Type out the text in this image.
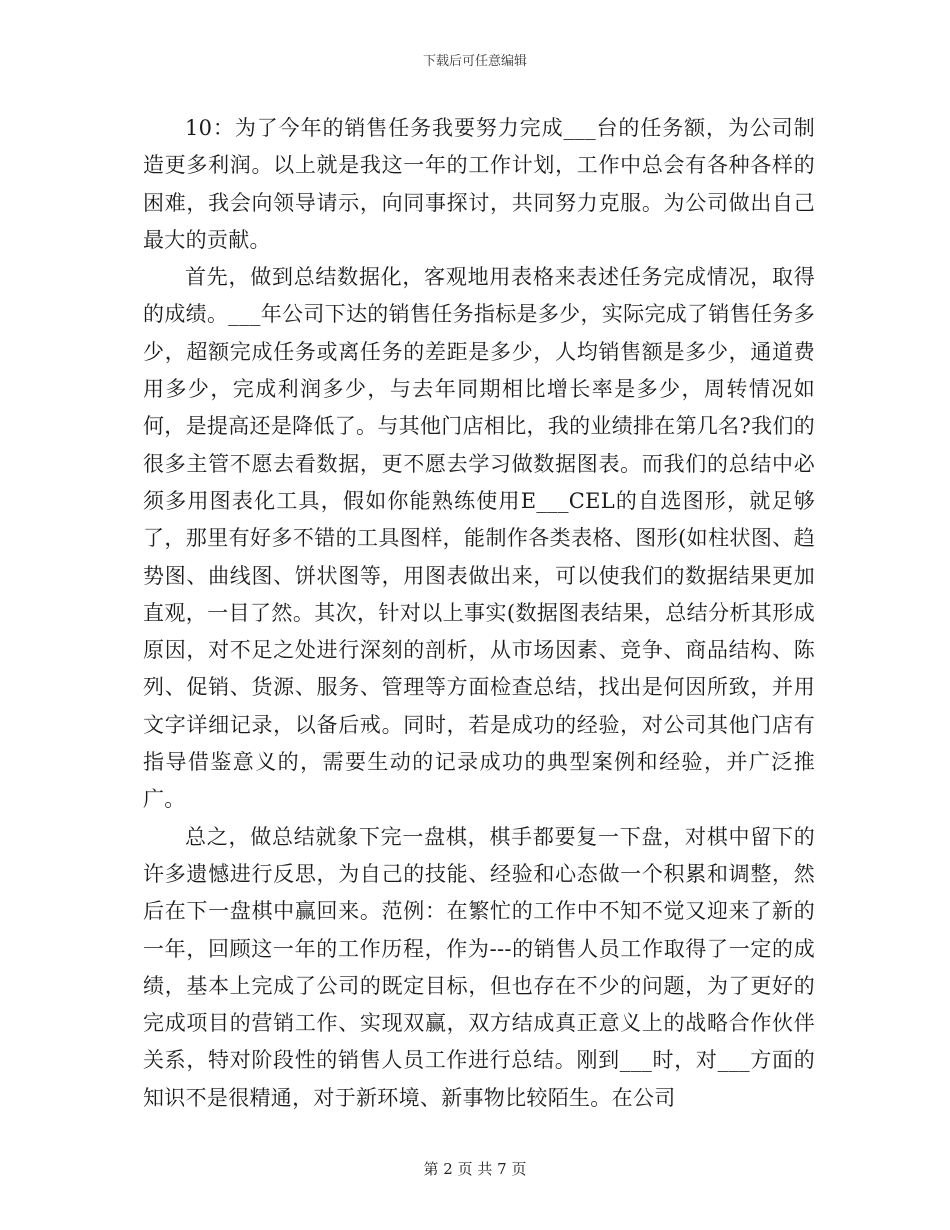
下载后可任意编辑

10：为了今年的销售任务我要努力完成___台的任务额，为公司制造更多利润。以上就是我这一年的工作计划，工作中总会有各种各样的困难，我会向领导请示，向同事探讨，共同努力克服。为公司做出自己最大的贡献。

首先，做到总结数据化，客观地用表格来表述任务完成情况，取得的成绩。___年公司下达的销售任务指标是多少，实际完成了销售任务多少，超额完成任务或离任务的差距是多少，人均销售额是多少，通道费用多少，完成利润多少，与去年同期相比增长率是多少，周转情况如何，是提高还是降低了。与其他门店相比，我的业绩排在第几名?我们的很多主管不愿去看数据，更不愿去学习做数据图表。而我们的总结中必须多用图表化工具，假如你能熟练使用E___CEL的自选图形，就足够了，那里有好多不错的工具图样，能制作各类表格、图形(如柱状图、趋势图、曲线图、饼状图等，用图表做出来，可以使我们的数据结果更加直观，一目了然。其次，针对以上事实(数据图表结果，总结分析其形成原因，对不足之处进行深刻的剖析，从市场因素、竞争、商品结构、陈列、促销、货源、服务、管理等方面检查总结，找出是何因所致，并用文字详细记录，以备后戒。同时，若是成功的经验，对公司其他门店有指导借鉴意义的，需要生动的记录成功的典型案例和经验，并广泛推广。

总之，做总结就象下完一盘棋，棋手都要复一下盘，对棋中留下的许多遗憾进行反思，为自己的技能、经验和心态做一个积累和调整，然后在下一盘棋中赢回来。范例：在繁忙的工作中不知不觉又迎来了新的一年，回顾这一年的工作历程，作为---的销售人员工作取得了一定的成绩，基本上完成了公司的既定目标，但也存在不少的问题，为了更好的完成项目的营销工作、实现双赢，双方结成真正意义上的战略合作伙伴关系，特对阶段性的销售人员工作进行总结。刚到___时，对___方面的知识不是很精通，对于新环境、新事物比较陌生。在公司

第 2 页 共 7 页
